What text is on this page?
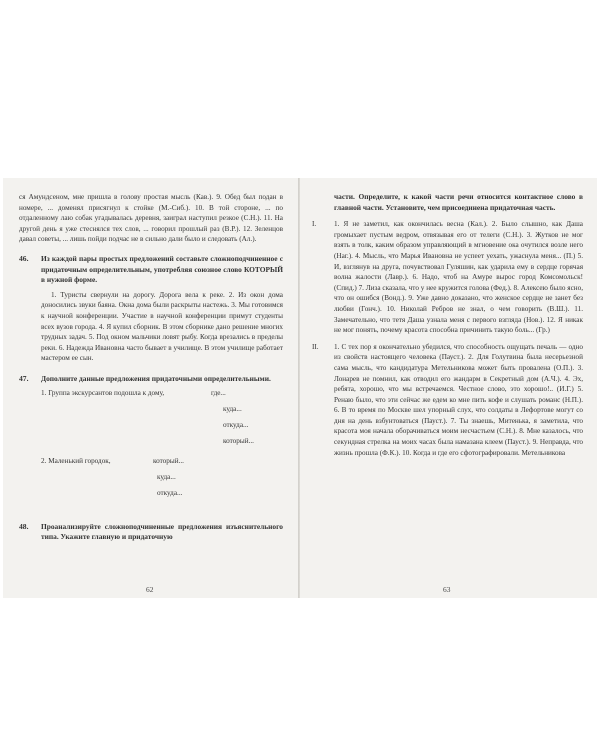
ся Амундсеном, мне пришла в голову простая мысль (Кав.). 9. Обед был подан в номере, ... доменял присягнул к стойке (М.-Сиб.). 10. В той стороне, ... по отдаленному лаю собак угадывалась деревня, заиграл наступил резкое (С.Н.). 11. На другой день я уже стеснялся тех слов, ... говорил прошлый раз (В.Р.). 12. Зеленцов давал советы, ... лишь пойди подчас не в сильно дали было и следовать (Ал.).

46.	Из каждой пары простых предложений составьте сложноподчиненное с придаточным определительным, употребляя союзное слово КОТОРЫЙ в нужной форме.

1. Туристы свернули на дорогу. Дорога вела к реке. 2. Из окон дома доносились звуки баяна. Окна дома были раскрыты настежь. 3. Мы готовимся к научной конференции. Участие в научной конференции примут студенты всех вузов города. 4. Я купил сборник. В этом сборнике дано решение многих трудных задач. 5. Под окном мальчики ловят рыбу. Когда врезались в пределы реки. 6. Надежда Ивановна часто бывает в училище. В этом училище работает мастером ее сын.

47.	Дополните данные предложения придаточными определительными.

1. Группа экскурсантов подошла к дому,	где...
куда...
откуда...
который...
2. Маленький городок,	который...
куда...
откуда...
48.	Проанализируйте сложноподчиненные предложения изъяснительного типа. Укажите главную и придаточную

62

части. Определите, к какой части речи относится контактное слово в главной части. Установите, чем присоединена придаточная часть.

I.	1. Я не заметил, как окончилась весна (Кал.). 2. Было слышно, как Даша громыхает пустым ведром, отвязывая его от телеги (С.Н.). 3. Жутков не мог взять в толк, каким образом управляющий в мгновение ока очутился возле него (Наг.). 4. Мысль, что Марья Ивановна не успеет уехать, ужаснула меня... (П.) 5. И, взглянув на друга, почувствовал Гуляшин, как ударила ему в сердце горячая волна жалости (Лавр.). 6. Надо, чтоб на Амуре вырос город Комсомольск! (Спид.) 7. Лиза сказала, что у нее кружится голова (Фед.). 8. Алексею было ясно, что он ошибся (Вонд.). 9. Уже давно доказано, что женское сердце не занет без любви (Гонч.). 10. Николай Ребров не знал, о чем говорить (В.Ш.). 11. Замечательно, что тетя Даша узнала меня с первого взгляда (Нов.). 12. Я никак не мог понять, почему красота способна причинить такую боль... (Гр.)

II.	1. С тех пор я окончательно убедился, что способность ощущать печаль — одно из свойств настоящего человека (Пауст.). 2. Для Голутвина была несерьезной сама мысль, что кандидатура Метельникова может быть провалена (О.П.). 3. Лонарев не помнил, как отводил его жандарм в Секретный дом (А.Ч.). 4. Эх, ребята, хорошо, что мы встречаемся. Честное слово, это хорошо!.. (И.Г.) 5. Ренаю было, что эти сейчас же едем ко мне пить кофе и слушать романс (Н.П.). 6. В то время по Москве шел упорный слух, что солдаты в Лефортове могут со дня на день взбунтоваться (Пауст.). 7. Ты знаешь, Митенька, я заметила, что красота моя начала оборачиваться моим несчастьем (С.Н.). 8. Мне казалось, что секундная стрелка на моих часах была намазана клеем (Пауст.). 9. Неправда, что жизнь прошла (Ф.К.). 10. Когда и где его сфотографировали. Метельникова

63
